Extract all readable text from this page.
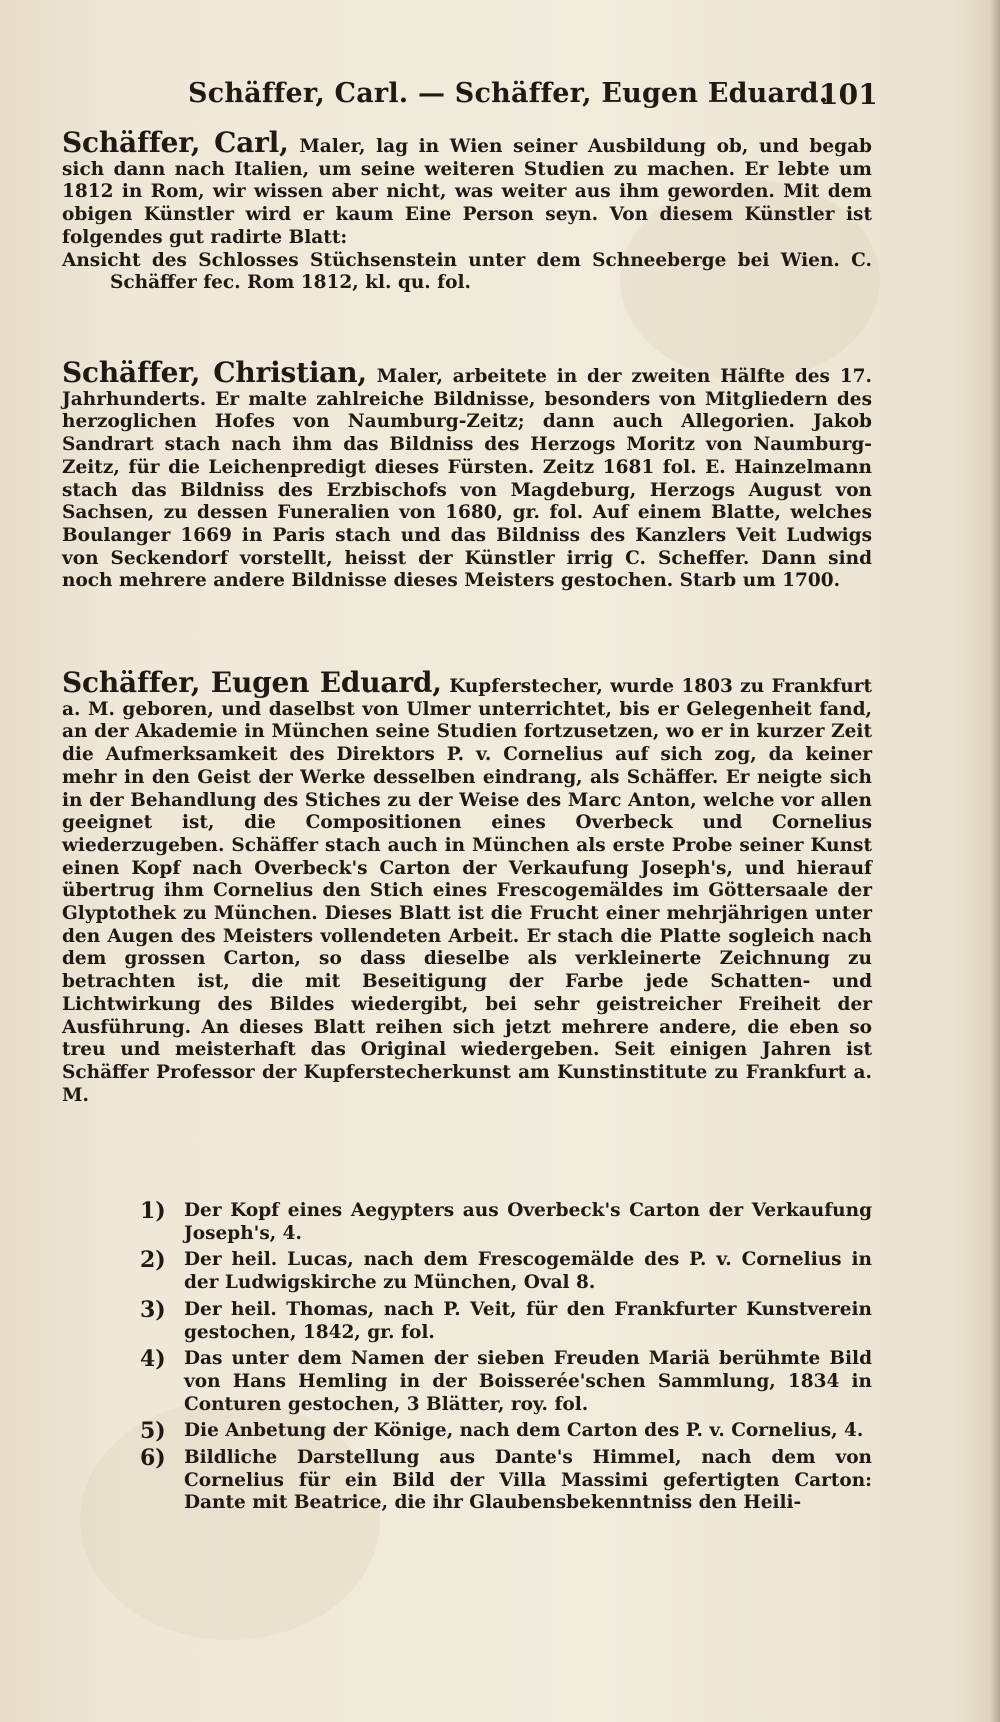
Schäffer, Carl. — Schäffer, Eugen Eduard.
101

Schäffer, Carl, Maler, lag in Wien seiner Ausbildung ob, und begab sich dann nach Italien, um seine weiteren Studien zu machen. Er lebte um 1812 in Rom, wir wissen aber nicht, was weiter aus ihm geworden. Mit dem obigen Künstler wird er kaum Eine Person seyn. Von diesem Künstler ist folgendes gut radirte Blatt:

Ansicht des Schlosses Stüchsenstein unter dem Schneeberge bei Wien. C. Schäffer fec. Rom 1812, kl. qu. fol.

Schäffer, Christian, Maler, arbeitete in der zweiten Hälfte des 17. Jahrhunderts. Er malte zahlreiche Bildnisse, besonders von Mitgliedern des herzoglichen Hofes von Naumburg-Zeitz; dann auch Allegorien. Jakob Sandrart stach nach ihm das Bildniss des Herzogs Moritz von Naumburg-Zeitz, für die Leichenpredigt dieses Fürsten. Zeitz 1681 fol. E. Hainzelmann stach das Bildniss des Erzbischofs von Magdeburg, Herzogs August von Sachsen, zu dessen Funeralien von 1680, gr. fol. Auf einem Blatte, welches Boulanger 1669 in Paris stach und das Bildniss des Kanzlers Veit Ludwigs von Seckendorf vorstellt, heisst der Künstler irrig C. Scheffer. Dann sind noch mehrere andere Bildnisse dieses Meisters gestochen. Starb um 1700.

Schäffer, Eugen Eduard, Kupferstecher, wurde 1803 zu Frankfurt a. M. geboren, und daselbst von Ulmer unterrichtet, bis er Gelegenheit fand, an der Akademie in München seine Studien fortzusetzen, wo er in kurzer Zeit die Aufmerksamkeit des Direktors P. v. Cornelius auf sich zog, da keiner mehr in den Geist der Werke desselben eindrang, als Schäffer. Er neigte sich in der Behandlung des Stiches zu der Weise des Marc Anton, welche vor allen geeignet ist, die Compositionen eines Overbeck und Cornelius wiederzugeben. Schäffer stach auch in München als erste Probe seiner Kunst einen Kopf nach Overbeck's Carton der Verkaufung Joseph's, und hierauf übertrug ihm Cornelius den Stich eines Frescogemäldes im Göttersaale der Glyptothek zu München. Dieses Blatt ist die Frucht einer mehrjährigen unter den Augen des Meisters vollendeten Arbeit. Er stach die Platte sogleich nach dem grossen Carton, so dass dieselbe als verkleinerte Zeichnung zu betrachten ist, die mit Beseitigung der Farbe jede Schatten- und Lichtwirkung des Bildes wiedergibt, bei sehr geistreicher Freiheit der Ausführung. An dieses Blatt reihen sich jetzt mehrere andere, die eben so treu und meisterhaft das Original wiedergeben. Seit einigen Jahren ist Schäffer Professor der Kupferstecherkunst am Kunstinstitute zu Frankfurt a. M.

1) Der Kopf eines Aegypters aus Overbeck's Carton der Verkaufung Joseph's, 4.
2) Der heil. Lucas, nach dem Frescogemälde des P. v. Cornelius in der Ludwigskirche zu München, Oval 8.
3) Der heil. Thomas, nach P. Veit, für den Frankfurter Kunstverein gestochen, 1842, gr. fol.
4) Das unter dem Namen der sieben Freuden Mariä berühmte Bild von Hans Hemling in der Boisserée'schen Sammlung, 1834 in Conturen gestochen, 3 Blätter, roy. fol.
5) Die Anbetung der Könige, nach dem Carton des P. v. Cornelius, 4.
6) Bildliche Darstellung aus Dante's Himmel, nach dem von Cornelius für ein Bild der Villa Massimi gefertigten Carton: Dante mit Beatrice, die ihr Glaubensbekenntniss den Heili-
